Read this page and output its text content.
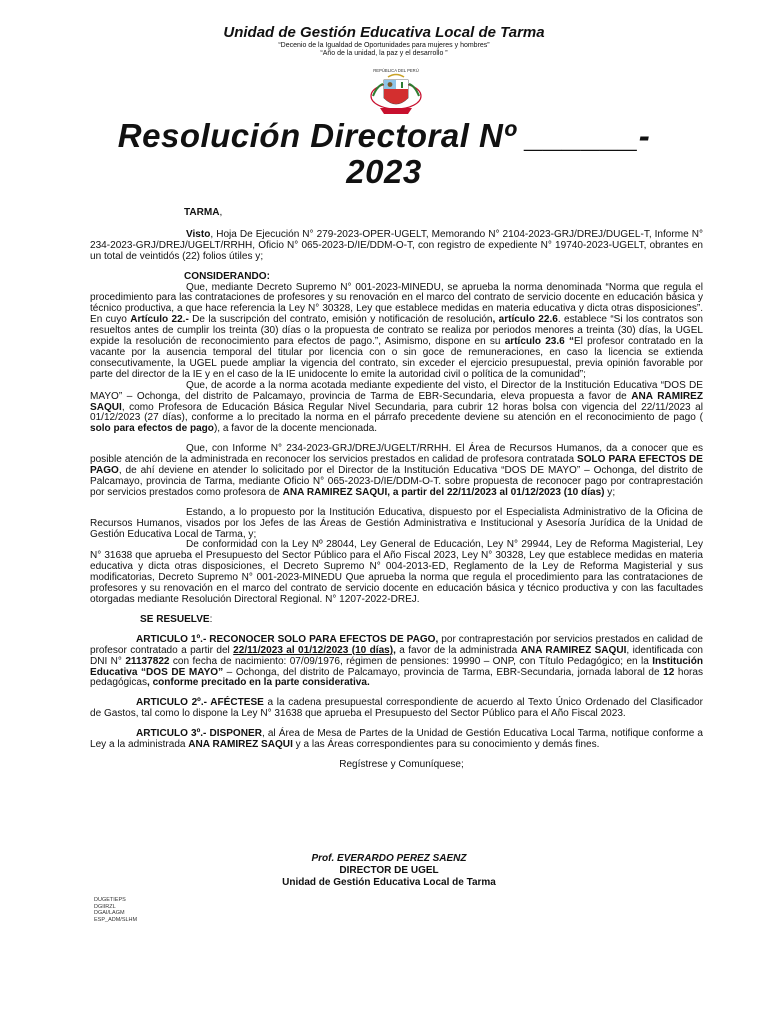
Unidad de Gestión Educativa Local de Tarma
“Decenio de la Igualdad de Oportunidades para mujeres y hombres”
“Año de la unidad, la paz y el desarrollo ”
REPÚBLICA DEL PERÚ
Resolución Directoral Nº ______-
2023

TARMA,

Visto, Hoja De Ejecución N° 279-2023-OPER-UGELT, Memorando N° 2104-2023-GRJ/DREJ/DUGEL-T, Informe N° 234-2023-GRJ/DREJ/UGELT/RRHH, Oficio N° 065-2023-D/IE/DDM-O-T, con registro de expediente N° 19740-2023-UGELT, obrantes en un total de veintidós (22) folios útiles y;

CONSIDERANDO:

Que, mediante Decreto Supremo N° 001-2023-MINEDU, se aprueba la norma denominada “Norma que regula el procedimiento para las contrataciones de profesores y su renovación en el marco del contrato de servicio docente en educación básica y técnico productiva, a que hace referencia la Ley N° 30328, Ley que establece medidas en materia educativa y dicta otras disposiciones”. En cuyo Artículo 22.- De la suscripción del contrato, emisión y notificación de resolución, artículo 22.6. establece “Si los contratos son resueltos antes de cumplir los treinta (30) días o la propuesta de contrato se realiza por periodos menores a treinta (30) días, la UGEL expide la resolución de reconocimiento para efectos de pago.”, Asimismo, dispone en su artículo 23.6 “El profesor contratado en la vacante por la ausencia temporal del titular por licencia con o sin goce de remuneraciones, en caso la licencia se extienda consecutivamente, la UGEL puede ampliar la vigencia del contrato, sin exceder el ejercicio presupuestal, previa opinión favorable por parte del director de la IE y en el caso de la IE unidocente lo emite la autoridad civil o política de la comunidad”;

Que, de acorde a la norma acotada mediante expediente del visto, el Director de la Institución Educativa “DOS DE MAYO” – Ochonga, del distrito de Palcamayo, provincia de Tarma de EBR-Secundaria, eleva propuesta a favor de ANA RAMIREZ SAQUI, como Profesora de Educación Básica Regular Nivel Secundaria, para cubrir 12 horas bolsa con vigencia del 22/11/2023 al 01/12/2023 (27 días), conforme a lo precitado la norma en el párrafo precedente deviene su atención en el reconocimiento de pago ( solo para efectos de pago), a favor de la docente mencionada.

Que, con Informe N° 234-2023-GRJ/DREJ/UGELT/RRHH. El Área de Recursos Humanos, da a conocer que es posible atención de la administrada en reconocer los servicios prestados en calidad de profesora contratada SOLO PARA EFECTOS DE PAGO, de ahí deviene en atender lo solicitado por el Director de la Institución Educativa “DOS DE MAYO” – Ochonga, del distrito de Palcamayo, provincia de Tarma, mediante Oficio N° 065-2023-D/IE/DDM-O-T. sobre propuesta de reconocer pago por contraprestación por servicios prestados como profesora de ANA RAMIREZ SAQUI, a partir del 22/11/2023 al 01/12/2023 (10 días) y;

Estando, a lo propuesto por la Institución Educativa, dispuesto por el Especialista Administrativo de la Oficina de Recursos Humanos, visados por los Jefes de las Áreas de Gestión Administrativa e Institucional y Asesoría Jurídica de la Unidad de Gestión Educativa Local de Tarma, y;

De conformidad con la Ley Nº 28044, Ley General de Educación, Ley N° 29944, Ley de Reforma Magisterial, Ley N° 31638 que aprueba el Presupuesto del Sector Público para el Año Fiscal 2023, Ley N° 30328, Ley que establece medidas en materia educativa y dicta otras disposiciones, el Decreto Supremo N° 004-2013-ED, Reglamento de la Ley de Reforma Magisterial y sus modificatorias, Decreto Supremo N° 001-2023-MINEDU Que aprueba la norma que regula el procedimiento para las contrataciones de profesores y su renovación en el marco del contrato de servicio docente en educación básica y técnico productiva y con las facultades otorgadas mediante Resolución Directoral Regional. N° 1207-2022-DREJ.

SE RESUELVE:

ARTICULO 1º.- RECONOCER SOLO PARA EFECTOS DE PAGO, por contraprestación por servicios prestados en calidad de profesor contratado a partir del 22/11/2023 al 01/12/2023 (10 días), a favor de la administrada ANA RAMIREZ SAQUI, identificada con DNI N° 21137822 con fecha de nacimiento: 07/09/1976, régimen de pensiones: 19990 – ONP, con Título Pedagógico; en la Institución Educativa “DOS DE MAYO” – Ochonga, del distrito de Palcamayo, provincia de Tarma, EBR-Secundaria, jornada laboral de 12 horas pedagógicas, conforme precitado en la parte considerativa.

ARTICULO 2º.- AFÉCTESE a la cadena presupuestal correspondiente de acuerdo al Texto Único Ordenado del Clasificador de Gastos, tal como lo dispone la Ley N° 31638 que aprueba el Presupuesto del Sector Público para el Año Fiscal 2023.

ARTICULO 3º.- DISPONER, al Área de Mesa de Partes de la Unidad de Gestión Educativa Local Tarma, notifique conforme a Ley a la administrada ANA RAMIREZ SAQUI y a las Áreas correspondientes para su conocimiento y demás fines.

Regístrese y Comuníquese;

Prof. EVERARDO PEREZ SAENZ
DIRECTOR DE UGEL
Unidad de Gestión Educativa Local de Tarma
DUGETIEPS
DGIIRZL
DGAI/LAGM
ESP_ADM/SLHM
